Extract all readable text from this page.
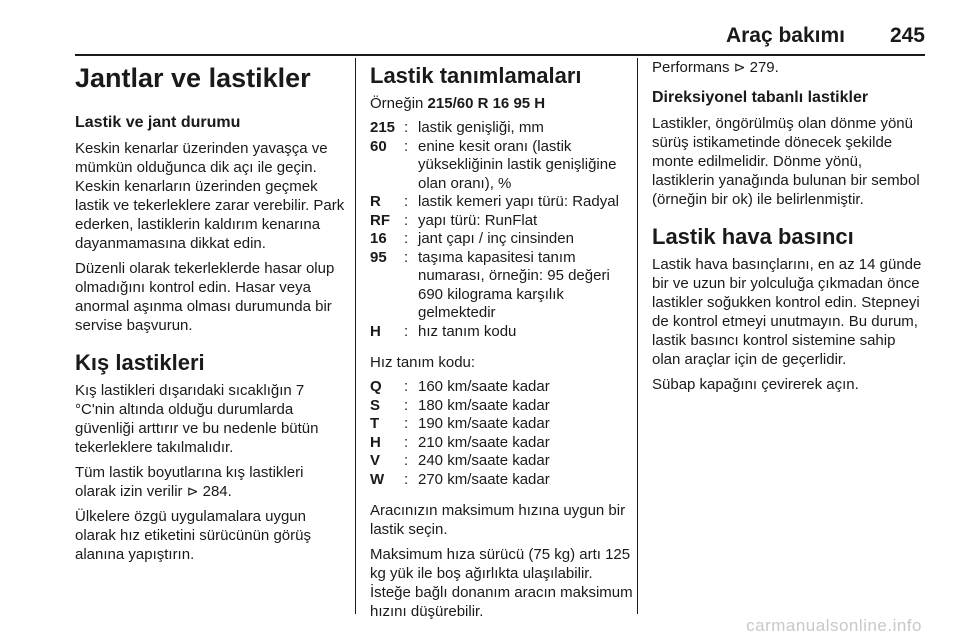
Araç bakımı 245
Jantlar ve lastikler
Lastik ve jant durumu

Keskin kenarlar üzerinden yavaşça ve mümkün olduğunca dik açı ile geçin. Keskin kenarların üzerinden geçmek lastik ve tekerleklere zarar verebilir. Park ederken, lastiklerin kaldırım kenarına dayanmamasına dikkat edin.

Düzenli olarak tekerleklerde hasar olup olmadığını kontrol edin. Hasar veya anormal aşınma olması durumunda bir servise başvurun.

Kış lastikleri

Kış lastikleri dışarıdaki sıcaklığın 7 °C'nin altında olduğu durumlarda güvenliği arttırır ve bu nedenle bütün tekerleklere takılmalıdır.

Tüm lastik boyutlarına kış lastikleri olarak izin verilir ⊳ 284.

Ülkelere özgü uygulamalara uygun olarak hız etiketini sürücünün görüş alanına yapıştırın.

Lastik tanımlamaları

Örneğin 215/60 R 16 95 H

215 : lastik genişliği, mm
60	: enine kesit oranı (lastik yüksekliğinin lastik genişliğine olan oranı), %
R	: lastik kemeri yapı türü: Radyal
RF : yapı türü: RunFlat
16	: jant çapı / inç cinsinden
95	: taşıma kapasitesi tanım numarası, örneğin: 95 değeri 690 kilograma karşılık gelmektedir
H	: hız tanım kodu

Hız tanım kodu:

Q	: 160 km/saate kadar
S	: 180 km/saate kadar
T	: 190 km/saate kadar
H	: 210 km/saate kadar
V	: 240 km/saate kadar
W	: 270 km/saate kadar

Aracınızın maksimum hızına uygun bir lastik seçin.

Maksimum hıza sürücü (75 kg) artı 125 kg yük ile boş ağırlıkta ulaşılabilir. İsteğe bağlı donanım aracın maksimum hızını düşürebilir.

Performans ⊳ 279.

Direksiyonel tabanlı lastikler

Lastikler, öngörülmüş olan dönme yönü sürüş istikametinde dönecek şekilde monte edilmelidir. Dönme yönü, lastiklerin yanağında bulunan bir sembol (örneğin bir ok) ile belirlenmiştir.

Lastik hava basıncı

Lastik hava basınçlarını, en az 14 günde bir ve uzun bir yolculuğa çıkmadan önce lastikler soğukken kontrol edin. Stepneyi de kontrol etmeyi unutmayın. Bu durum, lastik basıncı kontrol sistemine sahip olan araçlar için de geçerlidir.

Sübap kapağını çevirerek açın.

carmanualsonline.info
